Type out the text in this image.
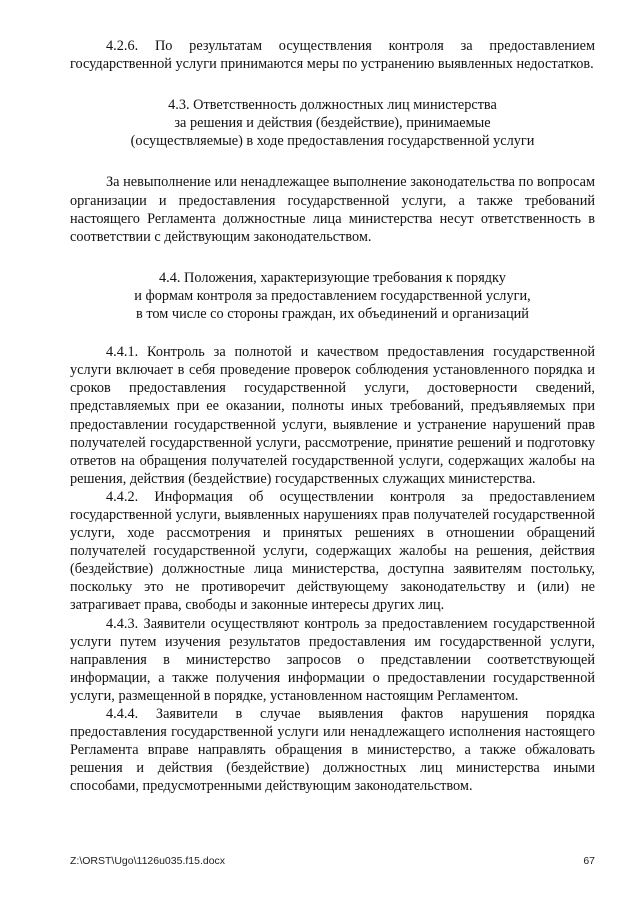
4.2.6. По результатам осуществления контроля за предоставлением государственной услуги принимаются меры по устранению выявленных недостатков.

4.3. Ответственность должностных лиц министерства
за решения и действия (бездействие), принимаемые
(осуществляемые) в ходе предоставления государственной услуги

За невыполнение или ненадлежащее выполнение законодательства по вопросам организации и предоставления государственной услуги, а также требований настоящего Регламента должностные лица министерства несут ответственность в соответствии с действующим законодательством.

4.4. Положения, характеризующие требования к порядку
и формам контроля за предоставлением государственной услуги,
в том числе со стороны граждан, их объединений и организаций

4.4.1. Контроль за полнотой и качеством предоставления государственной услуги включает в себя проведение проверок соблюдения установленного порядка и сроков предоставления государственной услуги, достоверности сведений, представляемых при ее оказании, полноты иных требований, предъявляемых при предоставлении государственной услуги, выявление и устранение нарушений прав получателей государственной услуги, рассмотрение, принятие решений и подготовку ответов на обращения получателей государственной услуги, содержащих жалобы на решения, действия (бездействие) государственных служащих министерства.

4.4.2. Информация об осуществлении контроля за предоставлением государственной услуги, выявленных нарушениях прав получателей государственной услуги, ходе рассмотрения и принятых решениях в отношении обращений получателей государственной услуги, содержащих жалобы на решения, действия (бездействие) должностные лица министерства, доступна заявителям постольку, поскольку это не противоречит действующему законодательству и (или) не затрагивает права, свободы и законные интересы других лиц.

4.4.3. Заявители осуществляют контроль за предоставлением государственной услуги путем изучения результатов предоставления им государственной услуги, направления в министерство запросов о представлении соответствующей информации, а также получения информации о предоставлении государственной услуги, размещенной в порядке, установленном настоящим Регламентом.

4.4.4. Заявители в случае выявления фактов нарушения порядка предоставления государственной услуги или ненадлежащего исполнения настоящего Регламента вправе направлять обращения в министерство, а также обжаловать решения и действия (бездействие) должностных лиц министерства иными способами, предусмотренными действующим законодательством.

Z:\ORST\Ugo\1126u035.f15.docx	67
